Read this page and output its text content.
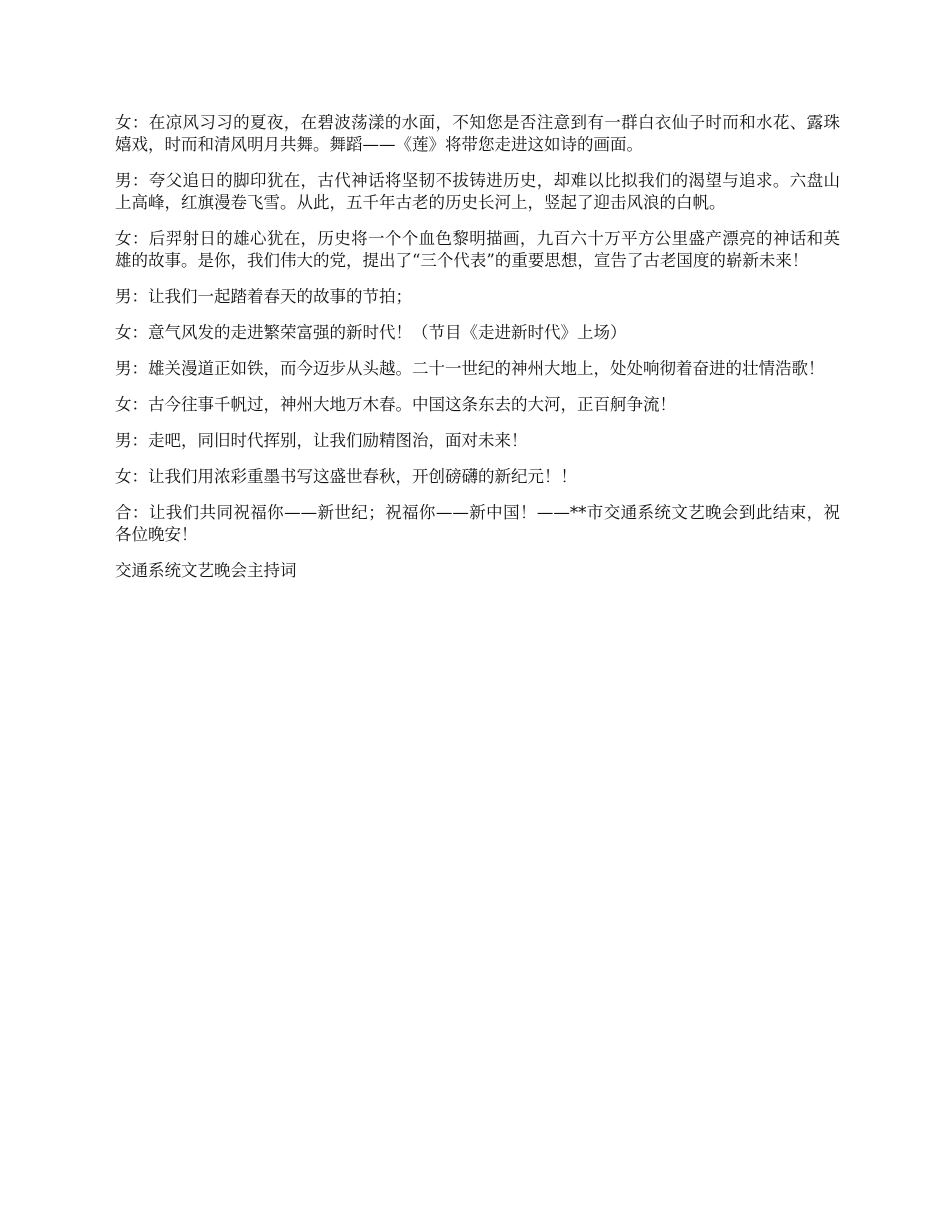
女：在凉风习习的夏夜，在碧波荡漾的水面，不知您是否注意到有一群白衣仙子时而和水花、露珠嬉戏，时而和清风明月共舞。舞蹈——《莲》将带您走进这如诗的画面。

男：夸父追日的脚印犹在，古代神话将坚韧不拔铸进历史，却难以比拟我们的渴望与追求。六盘山上高峰，红旗漫卷飞雪。从此，五千年古老的历史长河上，竖起了迎击风浪的白帆。

女：后羿射日的雄心犹在，历史将一个个血色黎明描画，九百六十万平方公里盛产漂亮的神话和英雄的故事。是你，我们伟大的党，提出了“三个代表”的重要思想，宣告了古老国度的崭新未来！

男：让我们一起踏着春天的故事的节拍；

女：意气风发的走进繁荣富强的新时代！（节目《走进新时代》上场）

男：雄关漫道正如铁，而今迈步从头越。二十一世纪的神州大地上，处处响彻着奋进的壮情浩歌！

女：古今往事千帆过，神州大地万木春。中国这条东去的大河，正百舸争流！

男：走吧，同旧时代挥别，让我们励精图治，面对未来！

女：让我们用浓彩重墨书写这盛世春秋，开创磅礴的新纪元！！

合：让我们共同祝福你——新世纪；祝福你——新中国！——**市交通系统文艺晚会到此结束，祝各位晚安！

交通系统文艺晚会主持词
